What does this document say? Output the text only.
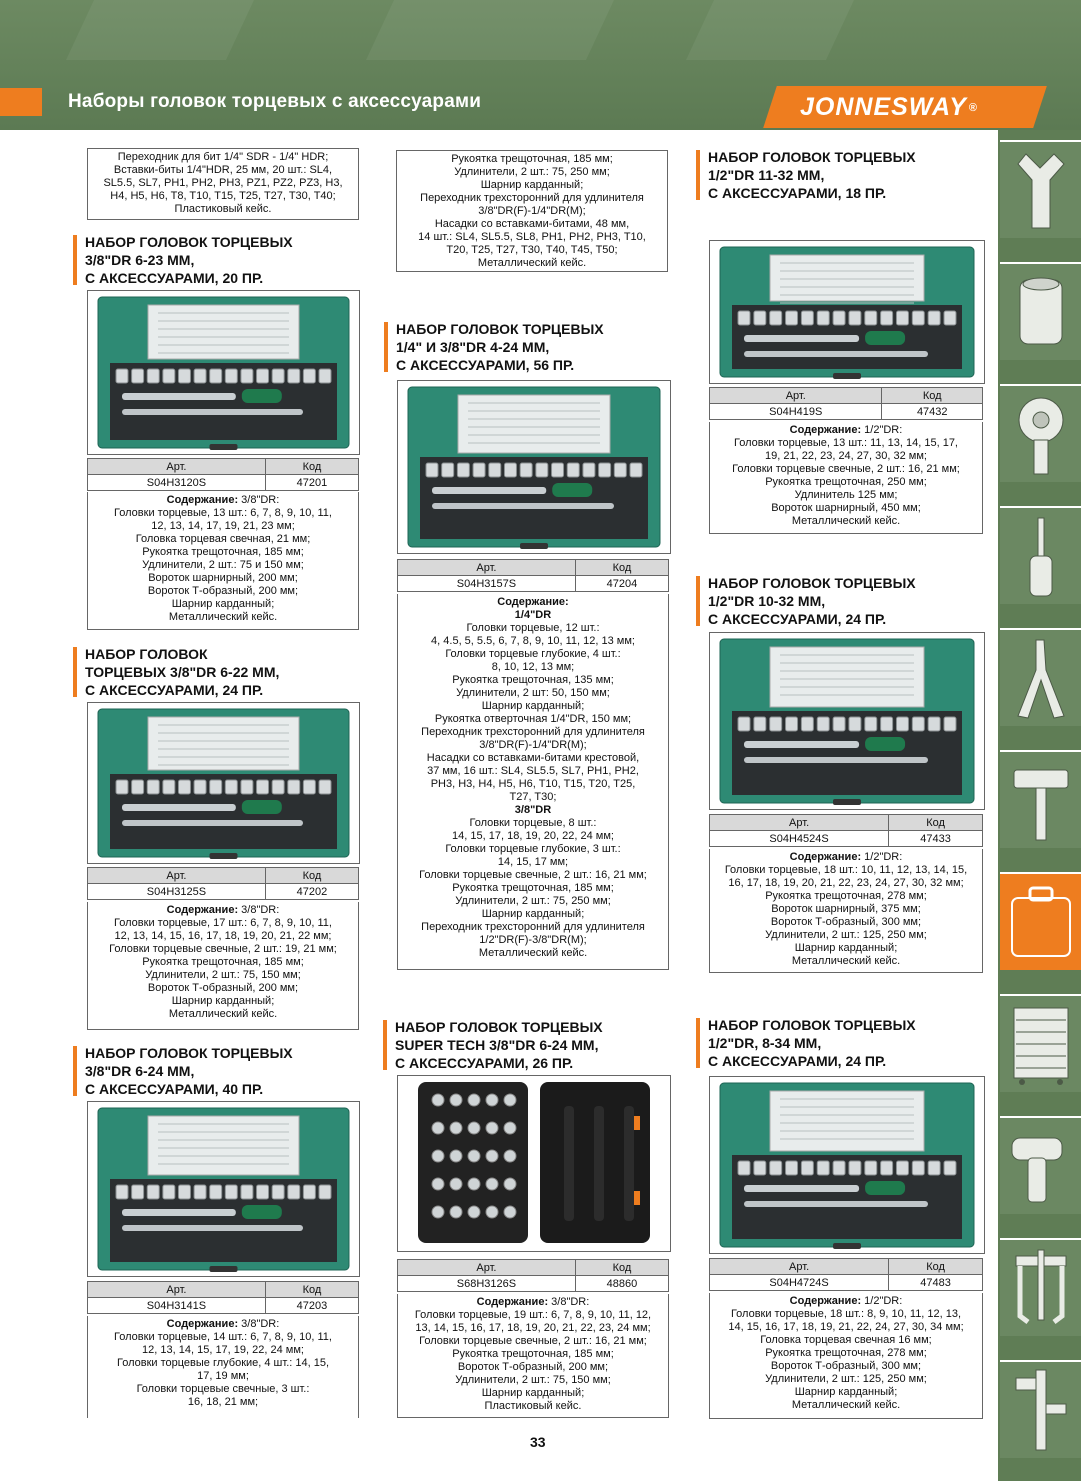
Наборы головок торцевых с аксессуарами	JONNESWAY ®
Переходник для бит 1/4" SDR - 1/4" HDR;
Вставки-биты 1/4"HDR, 25 мм, 20 шт.: SL4,
SL5.5, SL7, PH1, PH2, PH3, PZ1, PZ2, PZ3, H3,
H4, H5, H6, T8, T10, T15, T25, T27, T30, T40;
Пластиковый кейс.
НАБОР ГОЛОВОК ТОРЦЕВЫХ
3/8"DR 6-23 ММ,
С АКСЕССУАРАМИ, 20 ПР.
Арт.	Код
S04H3120S	47201
Содержание: 3/8"DR:
Головки торцевые, 13 шт.: 6, 7, 8, 9, 10, 11,
12, 13, 14, 17, 19, 21, 23 мм;
Головка торцевая свечная, 21 мм;
Рукоятка трещоточная, 185 мм;
Удлинители, 2 шт.: 75 и 150 мм;
Вороток шарнирный, 200 мм;
Вороток Т-образный, 200 мм;
Шарнир карданный;
Металлический кейс.
НАБОР ГОЛОВОК
ТОРЦЕВЫХ 3/8"DR 6-22 ММ,
С АКСЕССУАРАМИ, 24 ПР.
Арт.	Код
S04H3125S	47202
Содержание: 3/8"DR:
Головки торцевые, 17 шт.: 6, 7, 8, 9, 10, 11,
12, 13, 14, 15, 16, 17, 18, 19, 20, 21, 22 мм;
Головки торцевые свечные, 2 шт.: 19, 21 мм;
Рукоятка трещоточная, 185 мм;
Удлинители, 2 шт.: 75, 150 мм;
Вороток Т-образный, 200 мм;
Шарнир карданный;
Металлический кейс.
НАБОР ГОЛОВОК ТОРЦЕВЫХ
3/8"DR 6-24 ММ,
С АКСЕССУАРАМИ, 40 ПР.
Арт.	Код
S04H3141S	47203
Содержание: 3/8"DR:
Головки торцевые, 14 шт.: 6, 7, 8, 9, 10, 11,
12, 13, 14, 15, 17, 19, 22, 24 мм;
Головки торцевые глубокие, 4 шт.: 14, 15,
17, 19 мм;
Головки торцевые свечные, 3 шт.:
16, 18, 21 мм;
Рукоятка трещоточная, 185 мм;
Удлинители, 2 шт.: 75, 250 мм;
Шарнир карданный;
Переходник трехсторонний для удлинителя
3/8"DR(F)-1/4"DR(M);
Насадки со вставками-битами, 48 мм,
14 шт.: SL4, SL5.5, SL8, PH1, PH2, PH3, T10,
T20, T25, T27, T30, T40, T45, T50;
Металлический кейс.
НАБОР ГОЛОВОК ТОРЦЕВЫХ
1/4" И 3/8"DR 4-24 ММ,
С АКСЕССУАРАМИ, 56 ПР.
Арт.	Код
S04H3157S	47204
Содержание:
1/4"DR
Головки торцевые, 12 шт.:
4, 4.5, 5, 5.5, 6, 7, 8, 9, 10, 11, 12, 13 мм;
Головки торцевые глубокие, 4 шт.:
8, 10, 12, 13 мм;
Рукоятка трещоточная, 135 мм;
Удлинители, 2 шт: 50, 150 мм;
Шарнир карданный;
Рукоятка отверточная 1/4"DR, 150 мм;
Переходник трехсторонний для удлинителя
3/8"DR(F)-1/4"DR(M);
Насадки со вставками-битами крестовой,
37 мм, 16 шт.: SL4, SL5.5, SL7, PH1, PH2,
PH3, H3, H4, H5, H6, T10, T15, T20, T25,
T27, T30;
3/8"DR
Головки торцевые, 8 шт.:
14, 15, 17, 18, 19, 20, 22, 24 мм;
Головки торцевые глубокие, 3 шт.:
14, 15, 17 мм;
Головки торцевые свечные, 2 шт.: 16, 21 мм;
Рукоятка трещоточная, 185 мм;
Удлинители, 2 шт.: 75, 250 мм;
Шарнир карданный;
Переходник трехсторонний для удлинителя
1/2"DR(F)-3/8"DR(M);
Металлический кейс.
НАБОР ГОЛОВОК ТОРЦЕВЫХ
SUPER TECH 3/8"DR 6-24 ММ,
С АКСЕССУАРАМИ, 26 ПР.
Арт.	Код
S68H3126S	48860
Содержание: 3/8"DR:
Головки торцевые, 19 шт.: 6, 7, 8, 9, 10, 11, 12,
13, 14, 15, 16, 17, 18, 19, 20, 21, 22, 23, 24 мм;
Головки торцевые свечные, 2 шт.: 16, 21 мм;
Рукоятка трещоточная, 185 мм;
Вороток Т-образный, 200 мм;
Удлинители, 2 шт.: 75, 150 мм;
Шарнир карданный;
Пластиковый кейс.
НАБОР ГОЛОВОК ТОРЦЕВЫХ
1/2"DR 11-32 ММ,
С АКСЕССУАРАМИ, 18 ПР.
Арт.	Код
S04H419S	47432
Содержание: 1/2"DR:
Головки торцевые, 13 шт.: 11, 13, 14, 15, 17,
19, 21, 22, 23, 24, 27, 30, 32 мм;
Головки торцевые свечные, 2 шт.: 16, 21 мм;
Рукоятка трещоточная, 250 мм;
Удлинитель 125 мм;
Вороток шарнирный, 450 мм;
Металлический кейс.
НАБОР ГОЛОВОК ТОРЦЕВЫХ
1/2"DR 10-32 ММ,
С АКСЕССУАРАМИ, 24 ПР.
Арт.	Код
S04H4524S	47433
Содержание: 1/2"DR:
Головки торцевые, 18 шт.: 10, 11, 12, 13, 14, 15,
16, 17, 18, 19, 20, 21, 22, 23, 24, 27, 30, 32 мм;
Рукоятка трещоточная, 278 мм;
Вороток шарнирный, 375 мм;
Вороток Т-образный, 300 мм;
Удлинители, 2 шт.: 125, 250 мм;
Шарнир карданный;
Металлический кейс.
НАБОР ГОЛОВОК ТОРЦЕВЫХ
1/2"DR, 8-34 ММ,
С АКСЕССУАРАМИ, 24 ПР.
Арт.	Код
S04H4724S	47483
Содержание: 1/2"DR:
Головки торцевые, 18 шт.: 8, 9, 10, 11, 12, 13,
14, 15, 16, 17, 18, 19, 21, 22, 24, 27, 30, 34 мм;
Головка торцевая свечная 16 мм;
Рукоятка трещоточная, 278 мм;
Вороток Т-образный, 300 мм;
Удлинители, 2 шт.: 125, 250 мм;
Шарнир карданный;
Металлический кейс.
33
